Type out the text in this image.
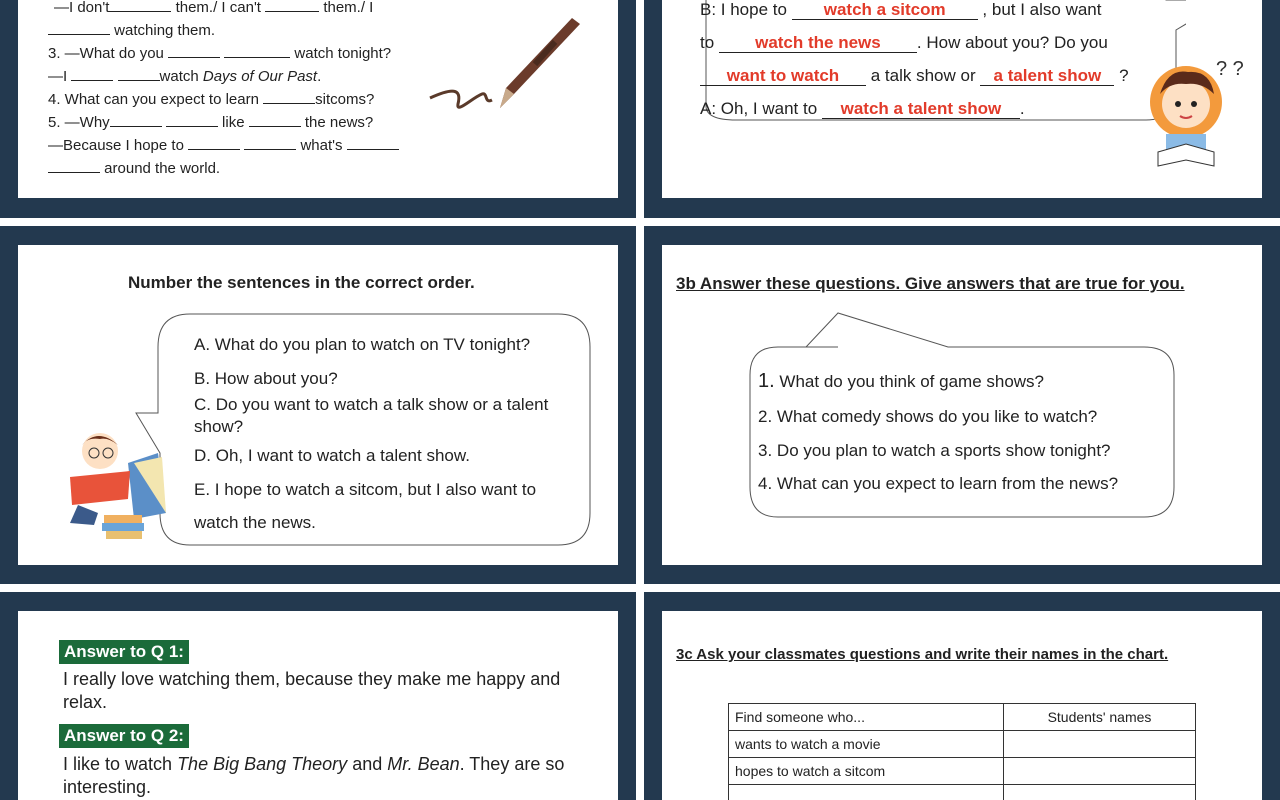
—I don't	them./ I can't	them./ I
watching them.
3. —What do you	watch tonight?
—I	watch Days of Our Past.
4. What can you expect to learn	sitcoms?
5. —Why	like	the news?
—Because I hope to	what's
around the world.
B: I hope to watch a sitcom , but I also want
to watch the news . How about you? Do you
want to watch a talk show or a talent show ?
A: Oh, I want to watch a talent show .
? ?
Number the sentences in the correct order.
A. What do you plan to watch on TV tonight?
B. How about you?
C. Do you want to watch a talk show or a talent
show?
D. Oh, I want to watch a talent show.
E. I hope to watch a sitcom, but I also want to
watch the news.
3b Answer these questions. Give answers that are true for you.
1. What do you think of game shows?
2. What comedy shows do you like to watch?
3. Do you plan to watch a sports show tonight?
4. What can you expect to learn from the news?
Answer to Q 1:
I really love watching them, because they make me happy and relax.
Answer to Q 2:
I like to watch The Big Bang Theory and Mr. Bean. They are so interesting.
3c Ask your classmates questions and write their names in the chart.
Find someone who...	Students' names
wants to watch a movie	
hopes to watch a sitcom	
